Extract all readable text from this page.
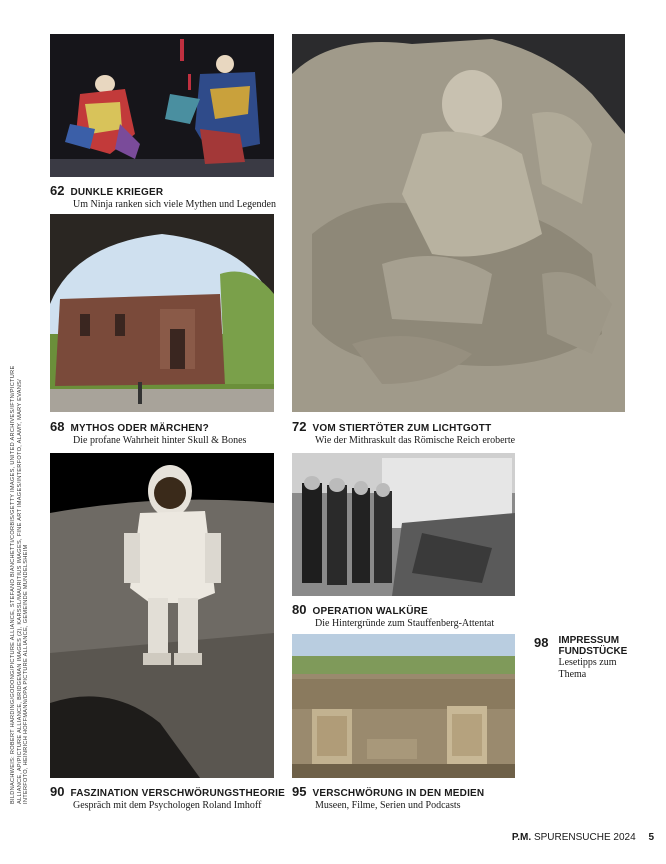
62 DUNKLE KRIEGER
Um Ninja ranken sich viele Mythen und Legenden
68 MYTHOS ODER MÄRCHEN?
Die profane Wahrheit hinter Skull & Bones
72 VOM STIERTÖTER ZUM LICHTGOTT
Wie der Mithraskult das Römische Reich eroberte
90 FASZINATION VERSCHWÖRUNGSTHEORIE
Gespräch mit dem Psychologen Roland Imhoff
80 OPERATION WALKÜRE
Die Hintergründe zum Stauffenberg-Attentat
95 VERSCHWÖRUNG IN DEN MEDIEN
Museen, Filme, Serien und Podcasts
98 IMPRESSUM
FUNDSTÜCKE
Lesetipps zum
Thema
BILDNACHWEIS: ROBERT HARDING/GODONG/PICTURE ALLIANCE, STEFANO BIANCHETTI/CORBIS/GETTY IMAGES, UNITED ARCHIVES/IFTN/PICTURE ALLIANCE, AP/PICTURE ALLIANCE, BRIDGEMAN IMAGES (2), KARSSL/MAURITIUS IMAGES, FINE ART IMAGES/INTERFOTO, ALAMY, MARY EVANS/ INTERFOTO, HEINRICH HOFFMANN/DPA PICTURE ALLIANCE, GEMEINDE MUNDELSHEIM
P.M. SPURENSUCHE 2024 5
